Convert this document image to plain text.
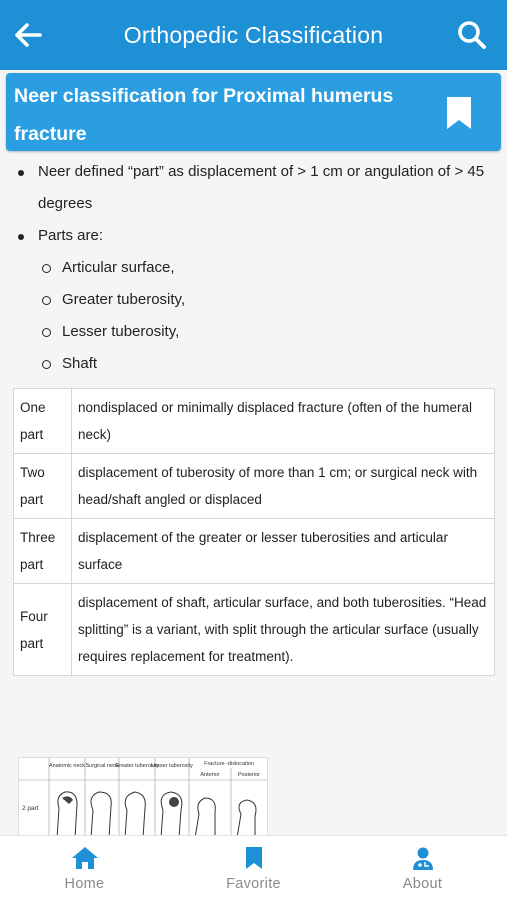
Orthopedic Classification
Neer classification for Proximal humerus fracture
Neer defined “part” as displacement of > 1 cm or angulation of > 45 degrees
Parts are:
Articular surface,
Greater tuberosity,
Lesser tuberosity,
Shaft
One part	nondisplaced or minimally displaced fracture (often of the humeral neck)
Two part	displacement of tuberosity of more than 1 cm; or surgical neck with head/shaft angled or displaced
Three part	displacement of the greater or lesser tuberosities and articular surface
Four part	displacement of shaft, articular surface, and both tuberosities. “Head splitting” is a variant, with split through the articular surface (usually requires replacement for treatment).
Anatomic neck Surgical neck
Greater tuberosity
Lesser tuberosity Fracture -dislocation
Anterior	Posterior
2 part
Home	Favorite	About
